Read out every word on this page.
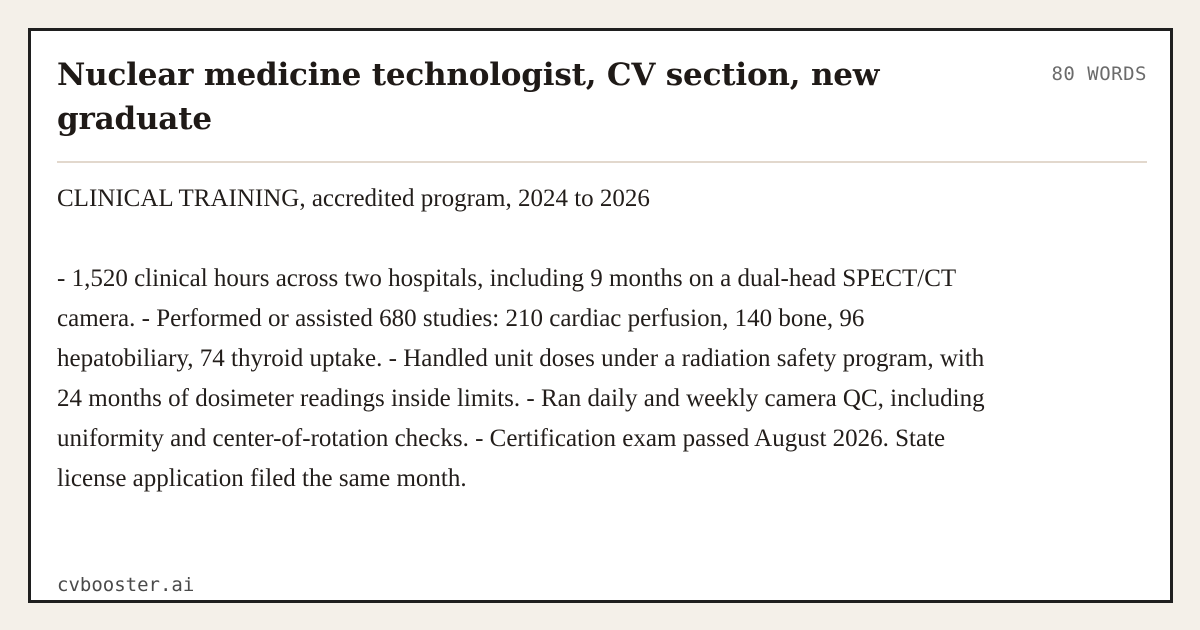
Nuclear medicine technologist, CV section, new graduate
80 WORDS

CLINICAL TRAINING, accredited program, 2024 to 2026

- 1,520 clinical hours across two hospitals, including 9 months on a dual-head SPECT/CT camera. - Performed or assisted 680 studies: 210 cardiac perfusion, 140 bone, 96 hepatobiliary, 74 thyroid uptake. - Handled unit doses under a radiation safety program, with 24 months of dosimeter readings inside limits. - Ran daily and weekly camera QC, including uniformity and center-of-rotation checks. - Certification exam passed August 2026. State license application filed the same month.

cvbooster.ai
